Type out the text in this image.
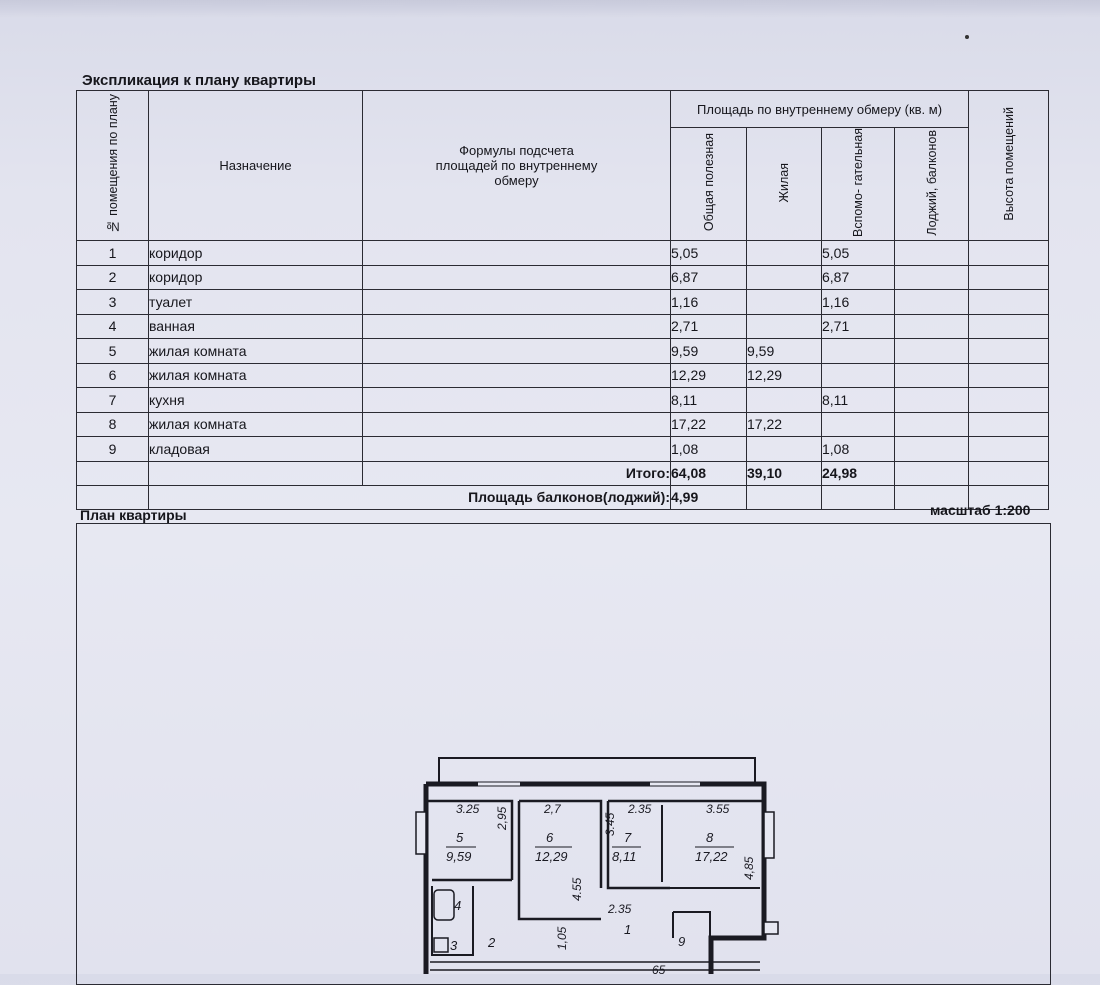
Экспликация к плану квартиры
№ помещения по плану	Назначение	Формулы подсчета площадей по внутреннему обмеру	Площадь по внутреннему обмеру (кв. м)				Высота помещений
			Общая полезная	Жилая	Вспомо- гательная	Лоджий, балконов	
1	коридор		5,05		5,05		
2	коридор		6,87		6,87		
3	туалет		1,16		1,16		
4	ванная		2,71		2,71		
5	жилая комната		9,59	9,59			
6	жилая комната		12,29	12,29			
7	кухня		8,11		8,11		
8	жилая комната		17,22	17,22			
9	кладовая		1,08		1,08		
		Итого:	64,08	39,10	24,98		
	Площадь балконов(лоджий):		4,99				
План квартиры	масштаб 1:200
5
9,59
6
12,29
7
8,11
8
17,22
1
2
3
4
9
3.25 2,95	2,7
3.45
2.35	3.55
4,85
4.55
2.35
1,05
65
